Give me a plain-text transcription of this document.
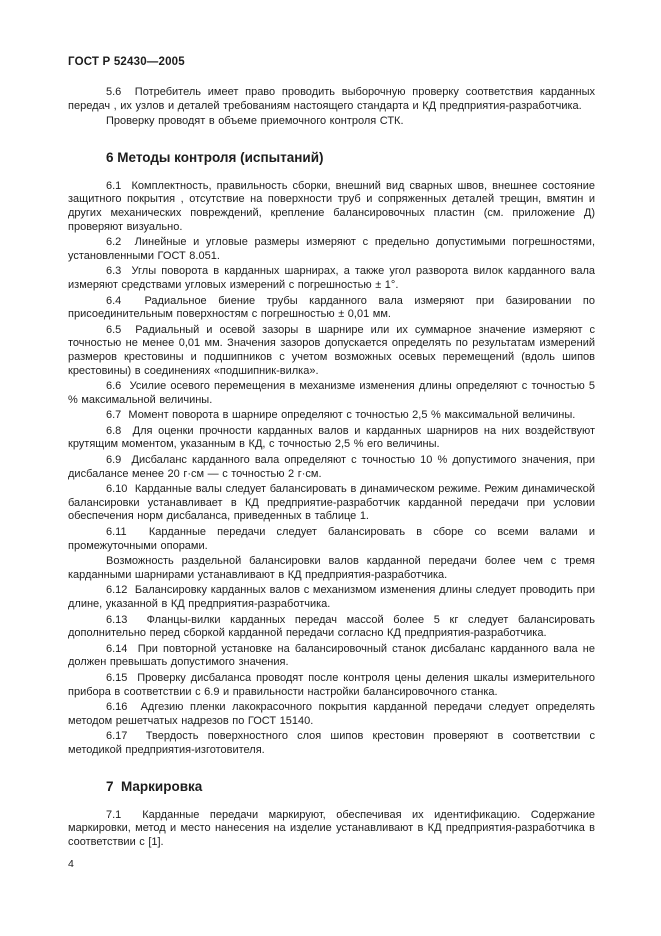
ГОСТ Р 52430—2005

5.6  Потребитель имеет право проводить выборочную проверку соответствия карданных передач , их узлов и деталей требованиям настоящего стандарта и КД предприятия-разработчика.

Проверку проводят в объеме приемочного контроля СТК.

6 Методы контроля (испытаний)

6.1  Комплектность, правильность сборки, внешний вид сварных швов, внешнее состояние защитного покрытия , отсутствие на поверхности труб и сопряженных деталей трещин, вмятин и других механических повреждений, крепление балансировочных пластин (см. приложение Д) проверяют визуально.

6.2  Линейные и угловые размеры измеряют с предельно допустимыми погрешностями, установленными ГОСТ 8.051.

6.3  Углы поворота в карданных шарнирах, а также угол разворота вилок карданного вала измеряют средствами угловых измерений с погрешностью ± 1°.

6.4  Радиальное биение трубы карданного вала измеряют при базировании по присоединительным поверхностям с погрешностью ± 0,01 мм.

6.5  Радиальный и осевой зазоры в шарнире или их суммарное значение измеряют с точностью не менее 0,01 мм. Значения зазоров допускается определять по результатам измерений размеров крестовины и подшипников с учетом возможных осевых перемещений (вдоль шипов крестовины) в соединениях «подшипник-вилка».

6.6  Усилие осевого перемещения в механизме изменения длины определяют с точностью 5 % максимальной величины.

6.7  Момент поворота в шарнире определяют с точностью 2,5 % максимальной величины.

6.8  Для оценки прочности карданных валов и карданных шарниров на них воздействуют крутящим моментом, указанным в КД, с точностью 2,5 % его величины.

6.9  Дисбаланс карданного вала определяют с точностью 10 % допустимого значения, при дисбалансе менее 20 г·см — с точностью 2 г·см.

6.10  Карданные валы следует балансировать в динамическом режиме. Режим динамической балансировки устанавливает в КД предприятие-разработчик карданной передачи при условии обеспечения норм дисбаланса, приведенных в таблице 1.

6.11  Карданные передачи следует балансировать в сборе со всеми валами и промежуточными опорами.

Возможность раздельной балансировки валов карданной передачи более чем с тремя карданными шарнирами устанавливают в КД предприятия-разработчика.

6.12  Балансировку карданных валов с механизмом изменения длины следует проводить при длине, указанной в КД предприятия-разработчика.

6.13  Фланцы-вилки карданных передач массой более 5 кг следует балансировать дополнительно перед сборкой карданной передачи согласно КД предприятия-разработчика.

6.14  При повторной установке на балансировочный станок дисбаланс карданного вала не должен превышать допустимого значения.

6.15  Проверку дисбаланса проводят после контроля цены деления шкалы измерительного прибора в соответствии с 6.9 и правильности настройки балансировочного станка.

6.16  Адгезию пленки лакокрасочного покрытия карданной передачи следует определять методом решетчатых надрезов по ГОСТ 15140.

6.17  Твердость поверхностного слоя шипов крестовин проверяют в соответствии с методикой предприятия-изготовителя.

7  Маркировка

7.1  Карданные передачи маркируют, обеспечивая их идентификацию. Содержание маркировки, метод и место нанесения на изделие устанавливают в КД предприятия-разработчика в соответствии с [1].

4
